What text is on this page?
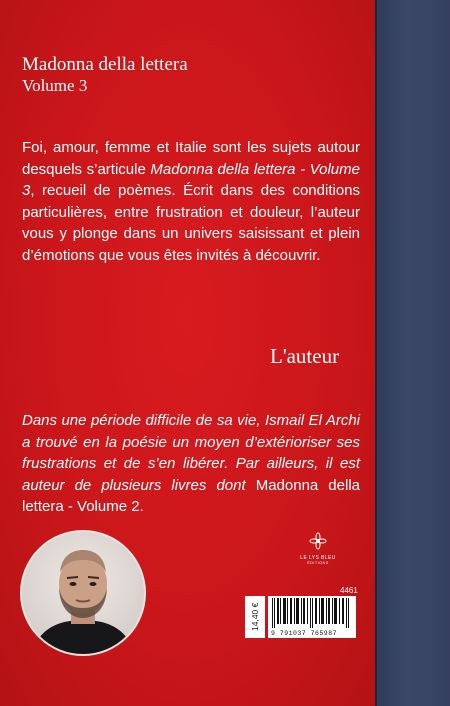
Madonna della lettera
Volume 3
Foi, amour, femme et Italie sont les sujets autour desquels s’articule Madonna della lettera - Volume 3, recueil de poèmes. Écrit dans des conditions particulières, entre frustration et douleur, l’auteur vous y plonge dans un univers saisissant et plein d’émotions que vous êtes invités à découvrir.
L'auteur
Dans une période difficile de sa vie, Ismail El Archi a trouvé en la poésie un moyen d’extérioriser ses frustrations et de s’en libérer. Par ailleurs, il est auteur de plusieurs livres dont Madonna della lettera - Volume 2.
LE LYS BLEU
ÉDITIONS
4461
14,40 €
9 791037 765987
